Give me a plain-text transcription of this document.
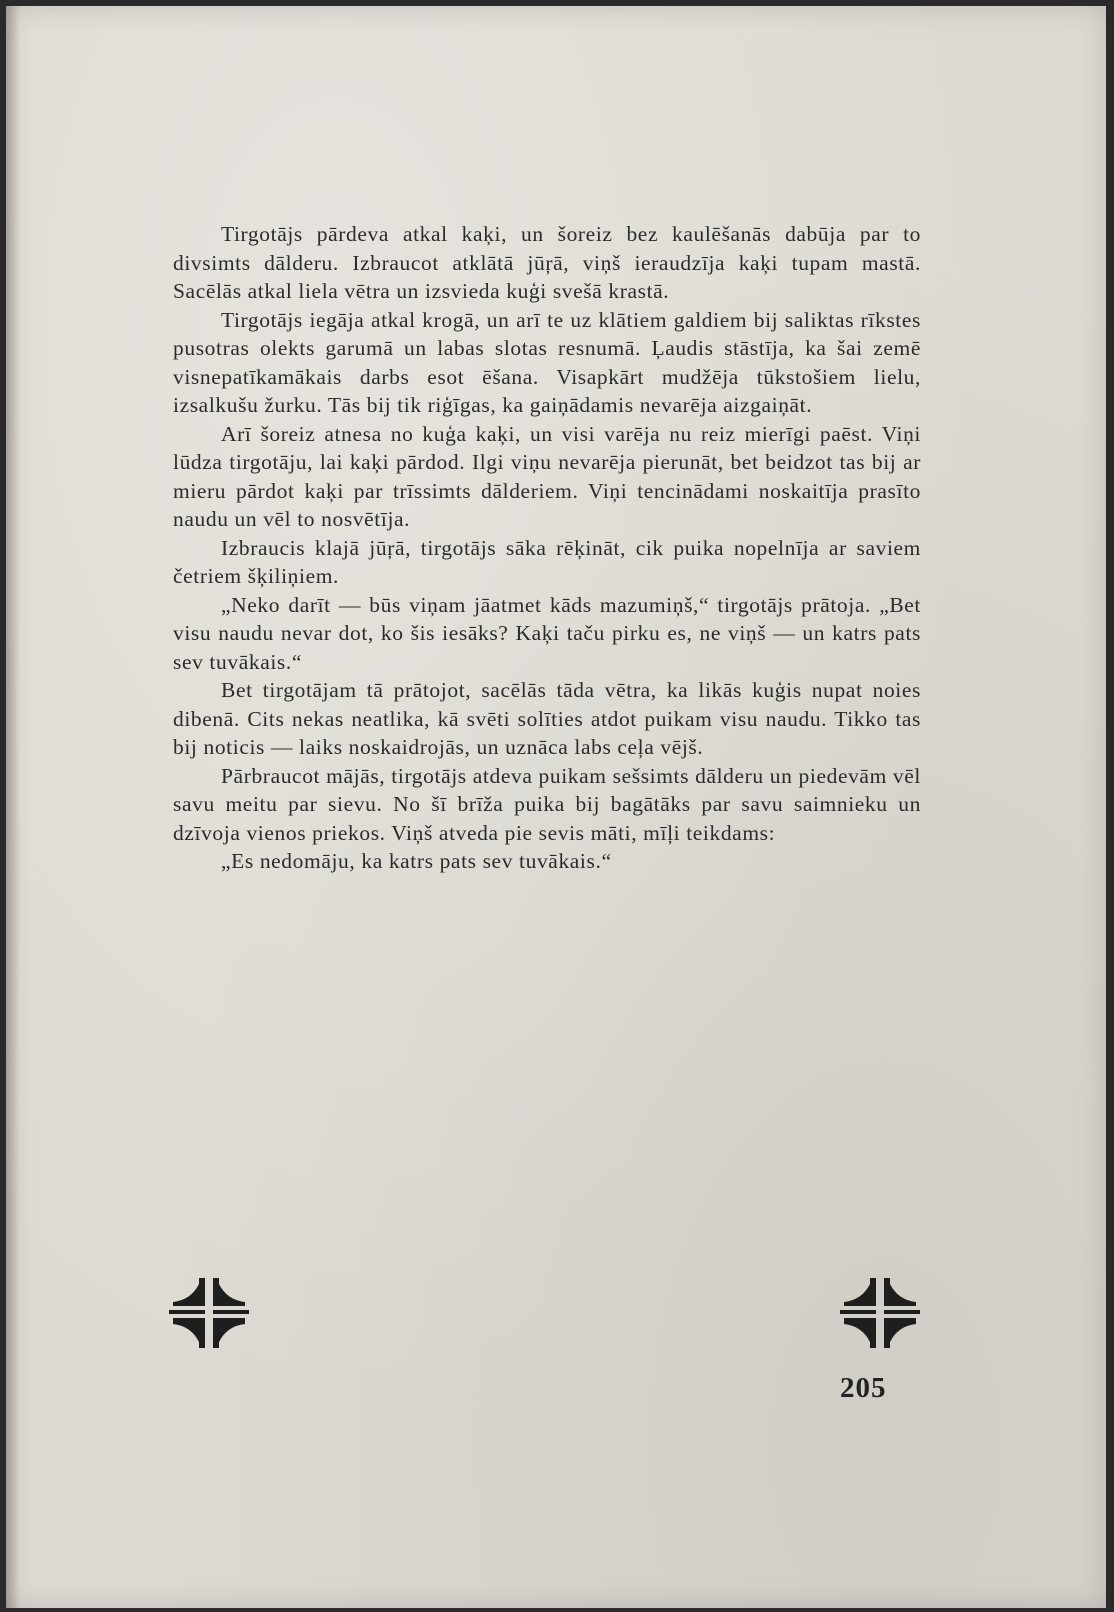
Tirgotājs pārdeva atkal kaķi, un šoreiz bez kaulēšanās dabūja par to divsimts dālderu. Izbraucot atklātā jūŗā, viņš ieraudzīja kaķi tupam mastā. Sacēlās atkal liela vētra un izsvieda kuģi svešā krastā.

Tirgotājs iegāja atkal krogā, un arī te uz klātiem galdiem bij saliktas rīkstes pusotras olekts garumā un labas slotas resnumā. Ļaudis stāstīja, ka šai zemē visnepatīkamākais darbs esot ēšana. Visapkārt mudžēja tūkstošiem lielu, izsalkušu žurku. Tās bij tik riģīgas, ka gaiņādamis nevarēja aizgaiņāt.

Arī šoreiz atnesa no kuģa kaķi, un visi varēja nu reiz mierīgi paēst. Viņi lūdza tirgotāju, lai kaķi pārdod. Ilgi viņu nevarēja pierunāt, bet beidzot tas bij ar mieru pārdot kaķi par trīssimts dālderiem. Viņi tencinādami noskaitīja prasīto naudu un vēl to nosvētīja.

Izbraucis klajā jūŗā, tirgotājs sāka rēķināt, cik puika nopelnīja ar saviem četriem šķiliņiem.

„Neko darīt — būs viņam jāatmet kāds mazumiņš,“ tirgotājs prātoja. „Bet visu naudu nevar dot, ko šis iesāks? Kaķi taču pirku es, ne viņš — un katrs pats sev tuvākais.“

Bet tirgotājam tā prātojot, sacēlās tāda vētra, ka likās kuģis nupat noies dibenā. Cits nekas neatlika, kā svēti solīties atdot puikam visu naudu. Tikko tas bij noticis — laiks noskaidrojās, un uznāca labs ceļa vējš.

Pārbraucot mājās, tirgotājs atdeva puikam sešsimts dālderu un piedevām vēl savu meitu par sievu. No šī brīža puika bij bagātāks par savu saimnieku un dzīvoja vienos priekos. Viņš atveda pie sevis māti, mīļi teikdams:

„Es nedomāju, ka katrs pats sev tuvākais.“

205
